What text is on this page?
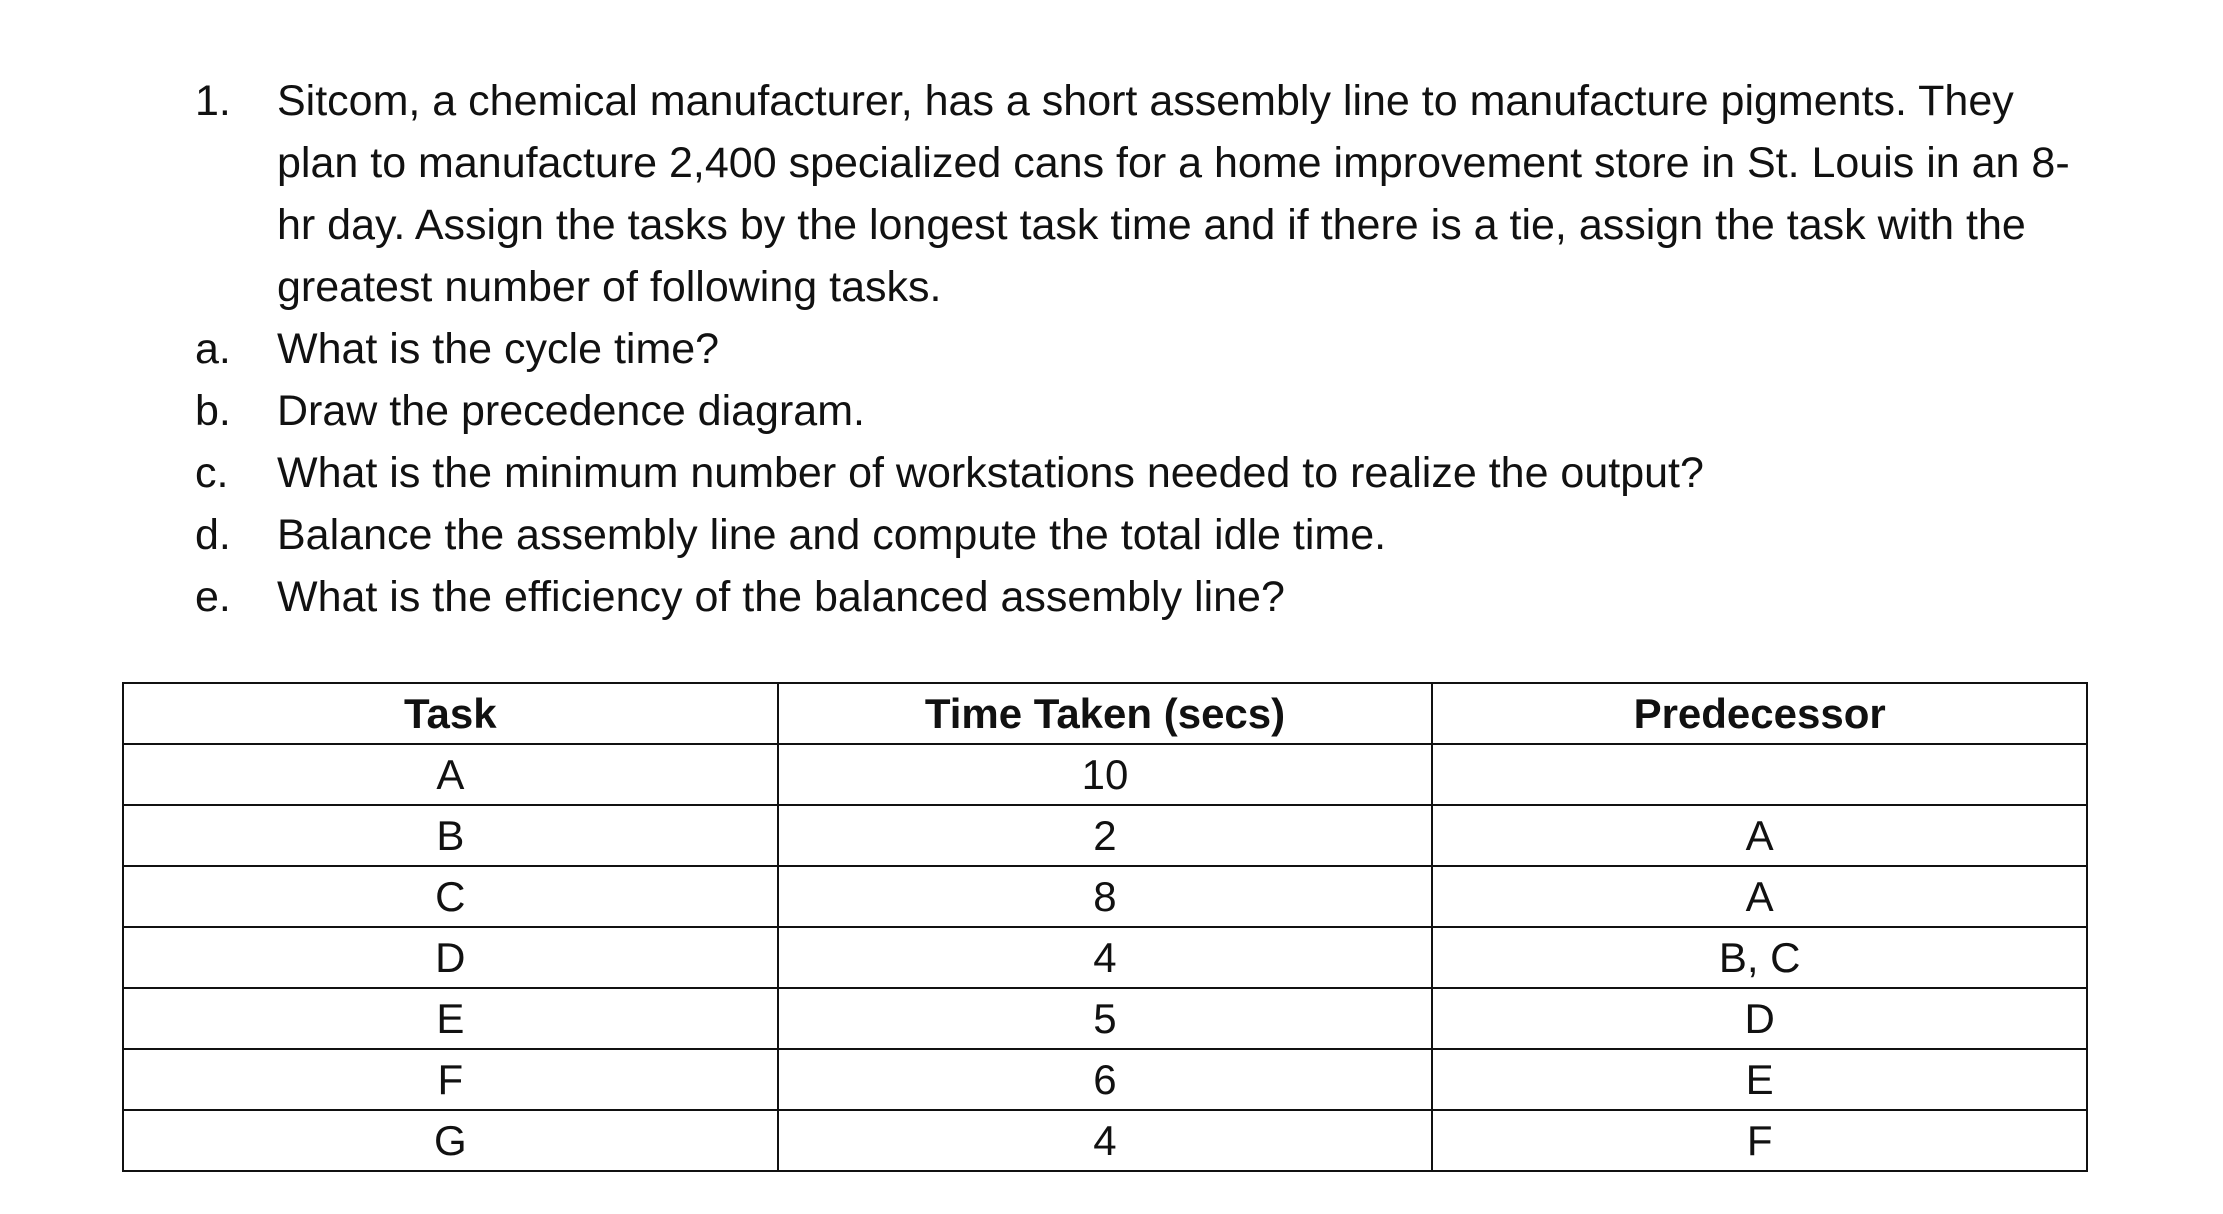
1.	Sitcom, a chemical manufacturer, has a short assembly line to manufacture pigments. They plan to manufacture 2,400 specialized cans for a home improvement store in St. Louis in an 8-hr day. Assign the tasks by the longest task time and if there is a tie, assign the task with the greatest number of following tasks.
a.	What is the cycle time?
b.	Draw the precedence diagram.
c.	What is the minimum number of workstations needed to realize the output?
d.	Balance the assembly line and compute the total idle time.
e.	What is the efficiency of the balanced assembly line?
Task	Time Taken (secs)	Predecessor
A	10	
B	2	A
C	8	A
D	4	B, C
E	5	D
F	6	E
G	4	F
